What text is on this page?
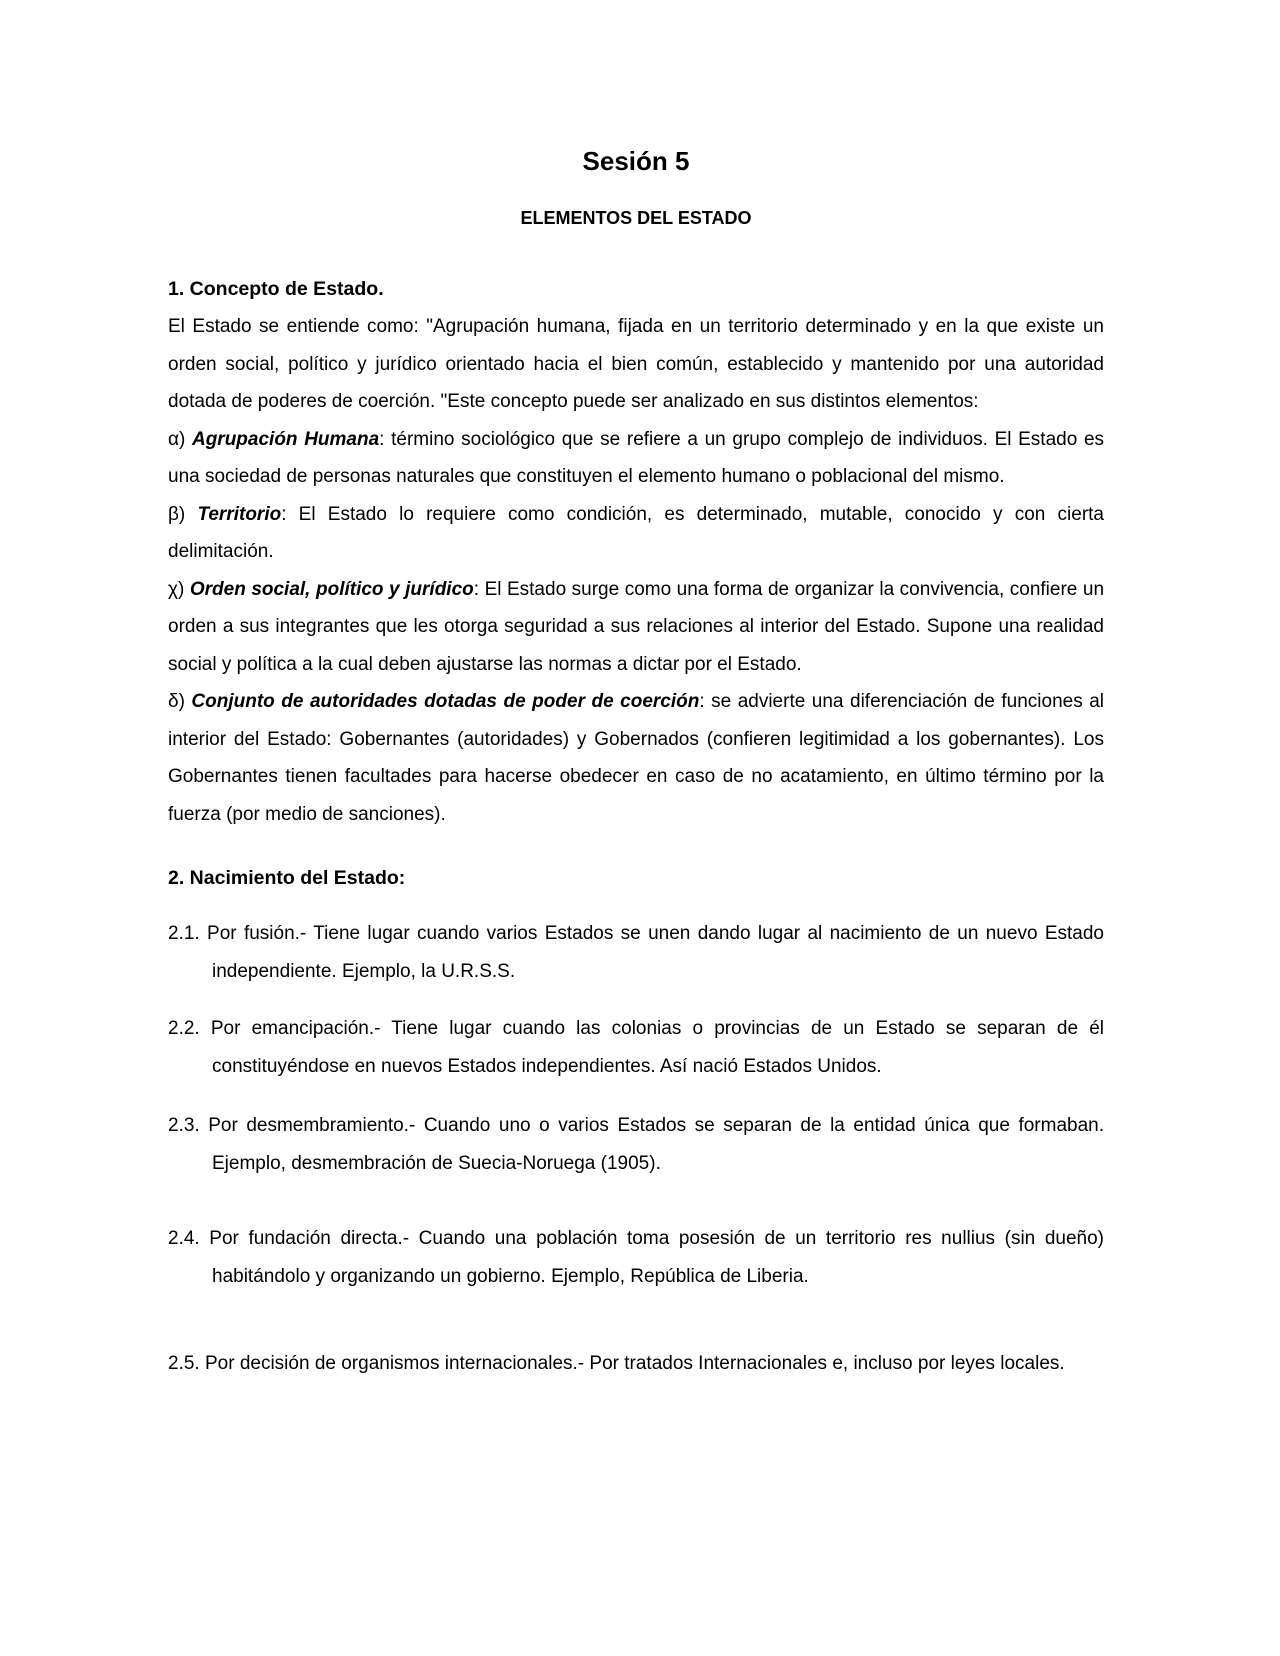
Sesión 5
ELEMENTOS DEL ESTADO
1. Concepto de Estado.

El Estado se entiende como: "Agrupación humana, fijada en un territorio determinado y en la que existe un orden social, político y jurídico orientado hacia el bien común, establecido y mantenido por una autoridad dotada de poderes de coerción. "Este concepto puede ser analizado en sus distintos elementos:

α) Agrupación Humana: término sociológico que se refiere a un grupo complejo de individuos. El Estado es una sociedad de personas naturales que constituyen el elemento humano o poblacional del mismo.

β) Territorio: El Estado lo requiere como condición, es determinado, mutable, conocido y con cierta delimitación.

χ) Orden social, político y jurídico: El Estado surge como una forma de organizar la convivencia, confiere un orden a sus integrantes que les otorga seguridad a sus relaciones al interior del Estado. Supone una realidad social y política a la cual deben ajustarse las normas a dictar por el Estado.

δ) Conjunto de autoridades dotadas de poder de coerción: se advierte una diferenciación de funciones al interior del Estado: Gobernantes (autoridades) y Gobernados (confieren legitimidad a los gobernantes). Los Gobernantes tienen facultades para hacerse obedecer en caso de no acatamiento, en último término por la fuerza (por medio de sanciones).

2. Nacimiento del Estado:

2.1. Por fusión.- Tiene lugar cuando varios Estados se unen dando lugar al nacimiento de un nuevo Estado independiente. Ejemplo, la U.R.S.S.

2.2. Por emancipación.- Tiene lugar cuando las colonias o provincias de un Estado se separan de él constituyéndose en nuevos Estados independientes. Así nació Estados Unidos.

2.3. Por desmembramiento.- Cuando uno o varios Estados se separan de la entidad única que formaban. Ejemplo, desmembración de Suecia-Noruega (1905).

2.4. Por fundación directa.- Cuando una población toma posesión de un territorio res nullius (sin dueño) habitándolo y organizando un gobierno. Ejemplo, República de Liberia.

2.5. Por decisión de organismos internacionales.- Por tratados Internacionales e, incluso por leyes locales.
